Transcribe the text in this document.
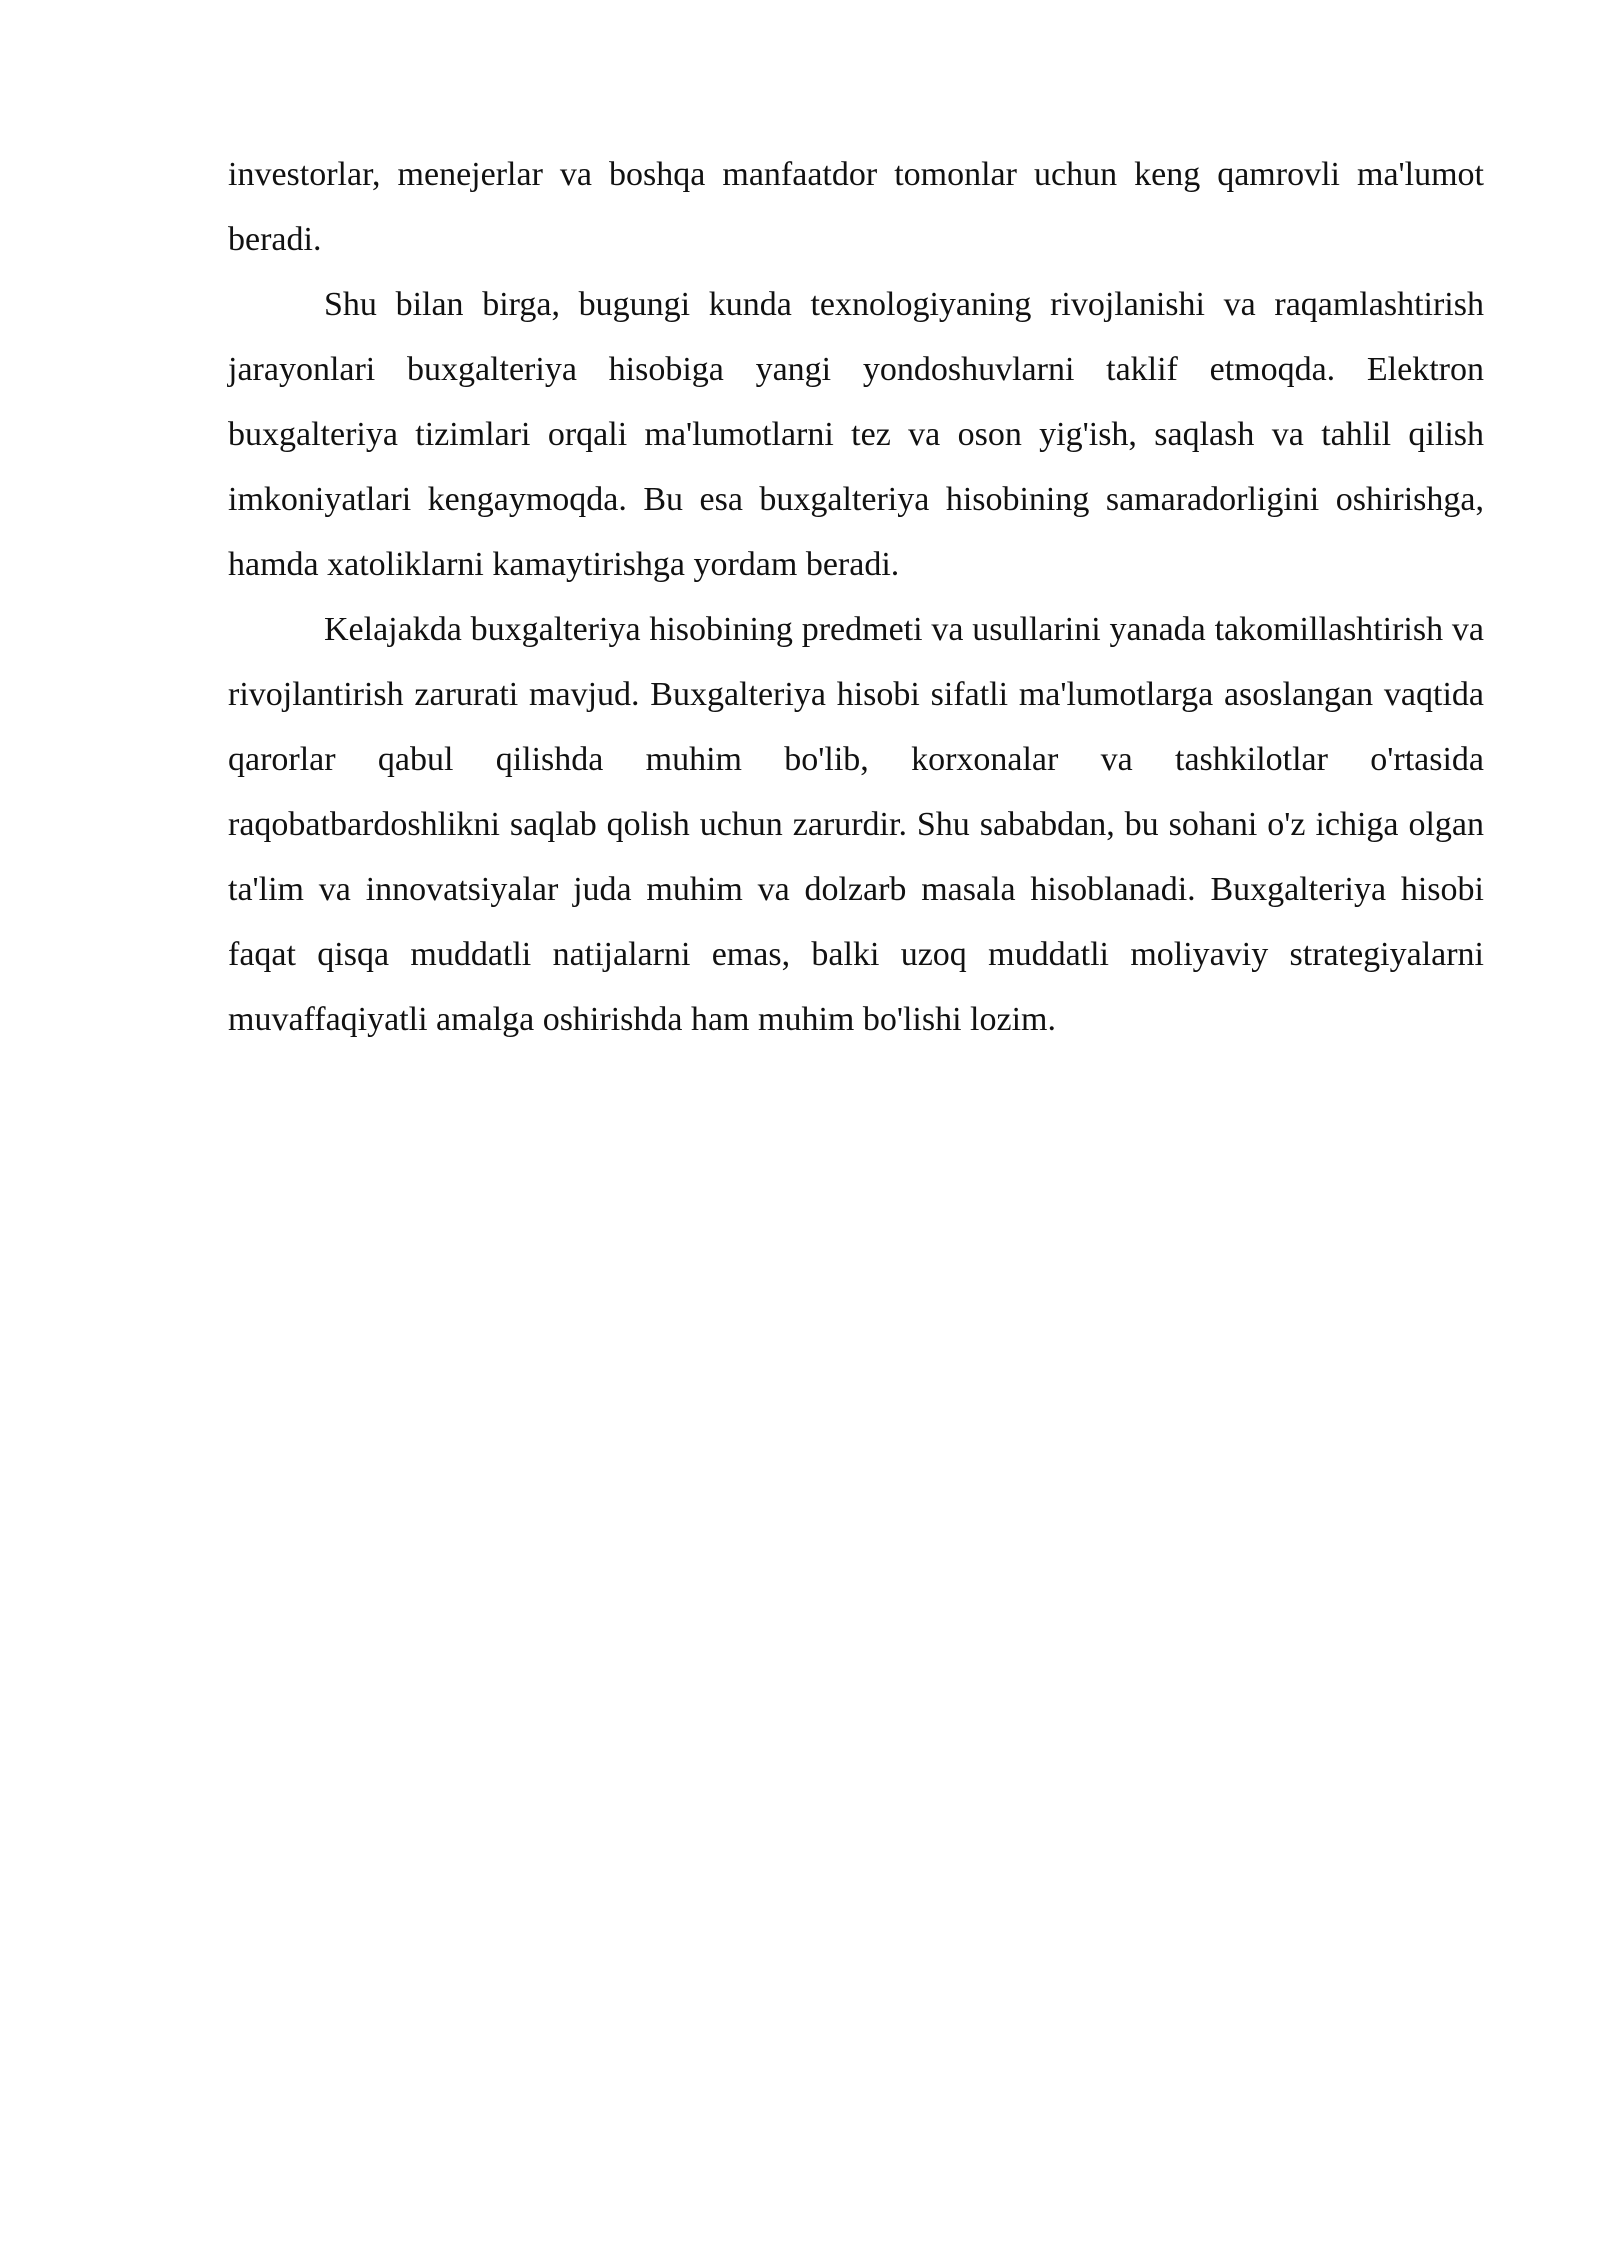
investorlar, menejerlar va boshqa manfaatdor tomonlar uchun keng qamrovli ma'lumot beradi.

Shu bilan birga, bugungi kunda texnologiyaning rivojlanishi va raqamlashtirish jarayonlari buxgalteriya hisobiga yangi yondoshuvlarni taklif etmoqda. Elektron buxgalteriya tizimlari orqali ma'lumotlarni tez va oson yig'ish, saqlash va tahlil qilish imkoniyatlari kengaymoqda. Bu esa buxgalteriya hisobining samaradorligini oshirishga, hamda xatoliklarni kamaytirishga yordam beradi.

Kelajakda buxgalteriya hisobining predmeti va usullarini yanada takomillashtirish va rivojlantirish zarurati mavjud. Buxgalteriya hisobi sifatli ma'lumotlarga asoslangan vaqtida qarorlar qabul qilishda muhim bo'lib, korxonalar va tashkilotlar o'rtasida raqobatbardoshlikni saqlab qolish uchun zarurdir. Shu sababdan, bu sohani o'z ichiga olgan ta'lim va innovatsiyalar juda muhim va dolzarb masala hisoblanadi. Buxgalteriya hisobi faqat qisqa muddatli natijalarni emas, balki uzoq muddatli moliyaviy strategiyalarni muvaffaqiyatli amalga oshirishda ham muhim bo'lishi lozim.
